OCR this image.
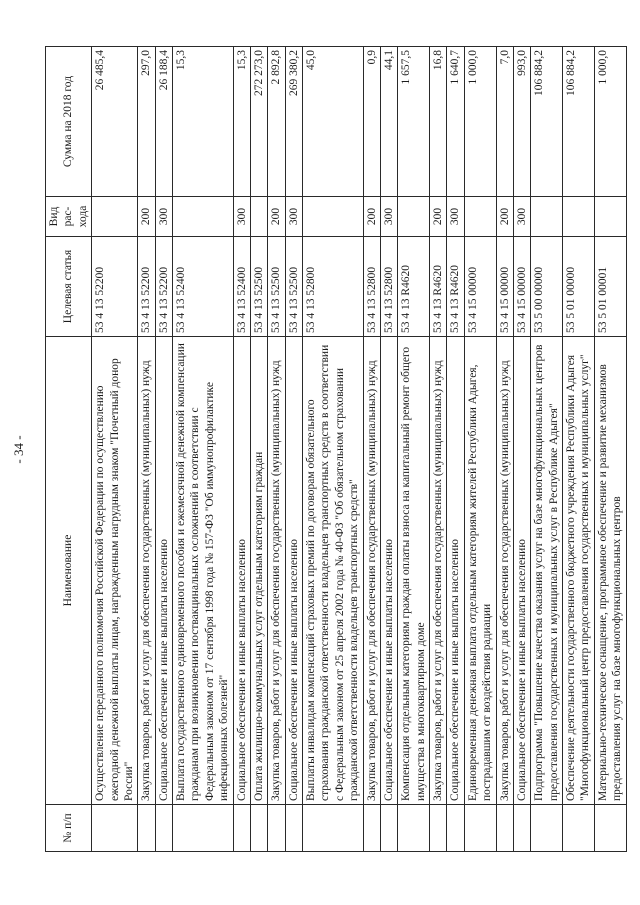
- 34 -
№ п/п	Наименование	Целевая статья	Вид рас- хода	Сумма на 2018 год
	Осуществление переданного полномочия Российской Федерации по осуществлению ежегодной денежной выплаты лицам, награжденным нагрудным знаком "Почетный донор России"	53 4 13 52200		26 485,4
	Закупка товаров, работ и услуг для обеспечения государственных (муниципальных) нужд	53 4 13 52200	200	297,0
	Социальное обеспечение и иные выплаты населению	53 4 13 52200	300	26 188,4
	Выплата государственного единовременного пособия и ежемесячной денежной компенсации гражданам при возникновении поствакцинальных осложнений в соответствии с Федеральным законом от 17 сентября 1998 года № 157-ФЗ "Об иммунопрофилактике инфекционных болезней"	53 4 13 52400		15,3
	Социальное обеспечение и иные выплаты населению	53 4 13 52400	300	15,3
	Оплата жилищно-коммунальных услуг отдельным категориям граждан	53 4 13 52500		272 273,0
	Закупка товаров, работ и услуг для обеспечения государственных (муниципальных) нужд	53 4 13 52500	200	2 892,8
	Социальное обеспечение и иные выплаты населению	53 4 13 52500	300	269 380,2
	Выплаты инвалидам компенсаций страховых премий по договорам обязательного страхования гражданской ответственности владельцев транспортных средств в соответствии с Федеральным законом от 25 апреля 2002 года № 40-ФЗ "Об обязательном страховании гражданской ответственности владельцев транспортных средств"	53 4 13 52800		45,0
	Закупка товаров, работ и услуг для обеспечения государственных (муниципальных) нужд	53 4 13 52800	200	0,9
	Социальное обеспечение и иные выплаты населению	53 4 13 52800	300	44,1
	Компенсация отдельным категориям граждан оплаты взноса на капитальный ремонт общего имущества в многоквартирном доме	53 4 13 R4620		1 657,5
	Закупка товаров, работ и услуг для обеспечения государственных (муниципальных) нужд	53 4 13 R4620	200	16,8
	Социальное обеспечение и иные выплаты населению	53 4 13 R4620	300	1 640,7
	Единовременная денежная выплата отдельным категориям жителей Республики Адыгея, пострадавшим от воздействия радиации	53 4 15 00000		1 000,0
	Закупка товаров, работ и услуг для обеспечения государственных (муниципальных) нужд	53 4 15 00000	200	7,0
	Социальное обеспечение и иные выплаты населению	53 4 15 00000	300	993,0
	Подпрограмма "Повышение качества оказания услуг на базе многофункциональных центров предоставления государственных и муниципальных услуг в Республике Адыгея"	53 5 00 00000		106 884,2
	Обеспечение деятельности государственного бюджетного учреждения Республики Адыгея "Многофункциональный центр предоставления государственных и муниципальных услуг"	53 5 01 00000		106 884,2
	Материально-техническое оснащение, программное обеспечение и развитие механизмов предоставления услуг на базе многофункциональных центров	53 5 01 00001		1 000,0
